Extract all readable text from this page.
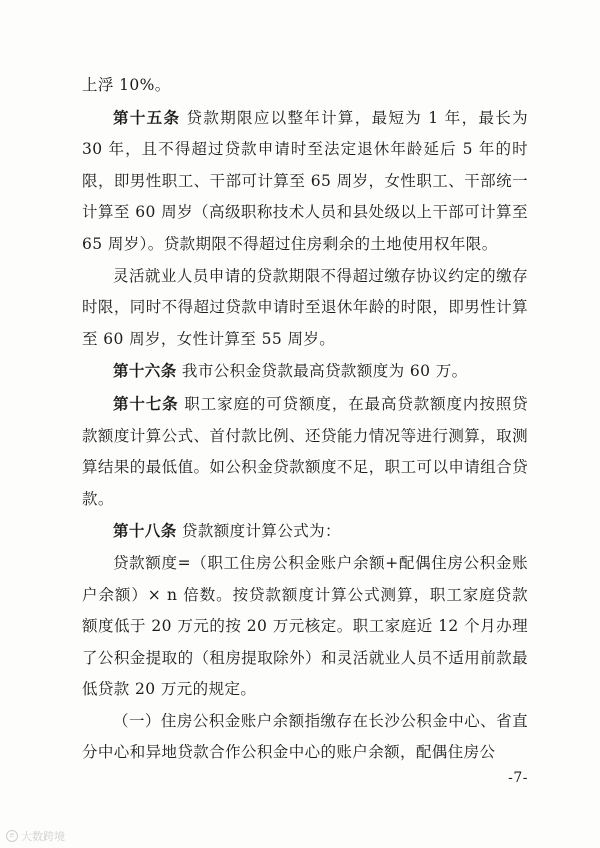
上浮 10%。

第十五条 贷款期限应以整年计算，最短为 1 年，最长为 30 年，且不得超过贷款申请时至法定退休年龄延后 5 年的时限，即男性职工、干部可计算至 65 周岁，女性职工、干部统一计算至 60 周岁（高级职称技术人员和县处级以上干部可计算至 65 周岁）。贷款期限不得超过住房剩余的土地使用权年限。

灵活就业人员申请的贷款期限不得超过缴存协议约定的缴存时限，同时不得超过贷款申请时至退休年龄的时限，即男性计算至 60 周岁，女性计算至 55 周岁。

第十六条 我市公积金贷款最高贷款额度为 60 万。

第十七条 职工家庭的可贷额度，在最高贷款额度内按照贷款额度计算公式、首付款比例、还贷能力情况等进行测算，取测算结果的最低值。如公积金贷款额度不足，职工可以申请组合贷款。

第十八条 贷款额度计算公式为：

贷款额度=（职工住房公积金账户余额+配偶住房公积金账户余额）× n 倍数。按贷款额度计算公式测算，职工家庭贷款额度低于 20 万元的按 20 万元核定。职工家庭近 12 个月办理了公积金提取的（租房提取除外）和灵活就业人员不适用前款最低贷款 20 万元的规定。

（一）住房公积金账户余额指缴存在长沙公积金中心、省直分中心和异地贷款合作公积金中心的账户余额，配偶住房公

-7-
e 大数跨境
